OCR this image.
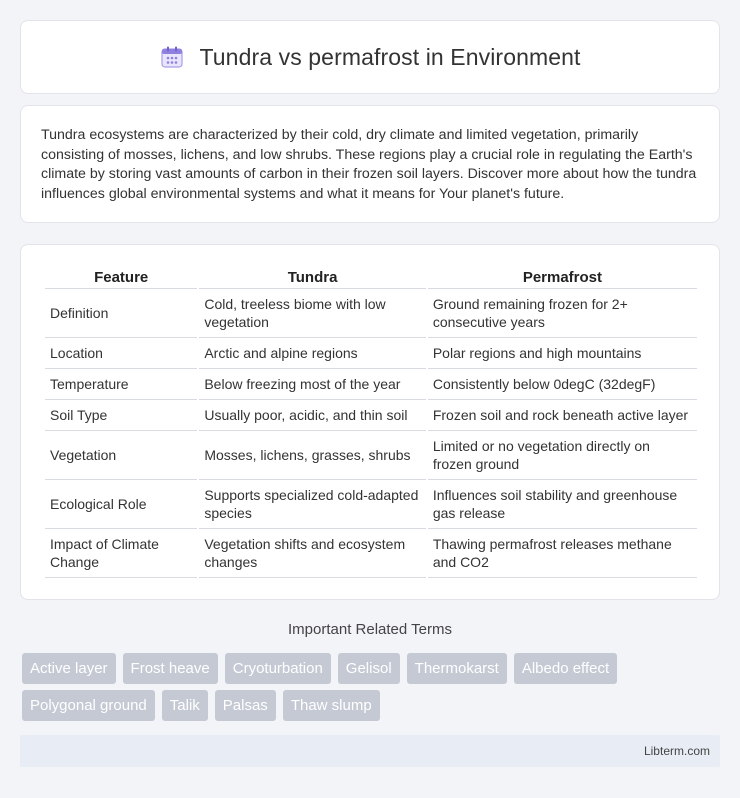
Tundra vs permafrost in Environment

Tundra ecosystems are characterized by their cold, dry climate and limited vegetation, primarily consisting of mosses, lichens, and low shrubs. These regions play a crucial role in regulating the Earth's climate by storing vast amounts of carbon in their frozen soil layers. Discover more about how the tundra influences global environmental systems and what it means for Your planet's future.

Feature	Tundra	Permafrost
Definition	Cold, treeless biome with low vegetation	Ground remaining frozen for 2+ consecutive years
Location	Arctic and alpine regions	Polar regions and high mountains
Temperature	Below freezing most of the year	Consistently below 0degC (32degF)
Soil Type	Usually poor, acidic, and thin soil	Frozen soil and rock beneath active layer
Vegetation	Mosses, lichens, grasses, shrubs	Limited or no vegetation directly on frozen ground
Ecological Role	Supports specialized cold-adapted species	Influences soil stability and greenhouse gas release
Impact of Climate Change	Vegetation shifts and ecosystem changes	Thawing permafrost releases methane and CO2
Important Related Terms
Active layer	Frost heave	Cryoturbation	Gelisol	Thermokarst	Albedo effect
Polygonal ground	Talik	Palsas	Thaw slump
Libterm.com
